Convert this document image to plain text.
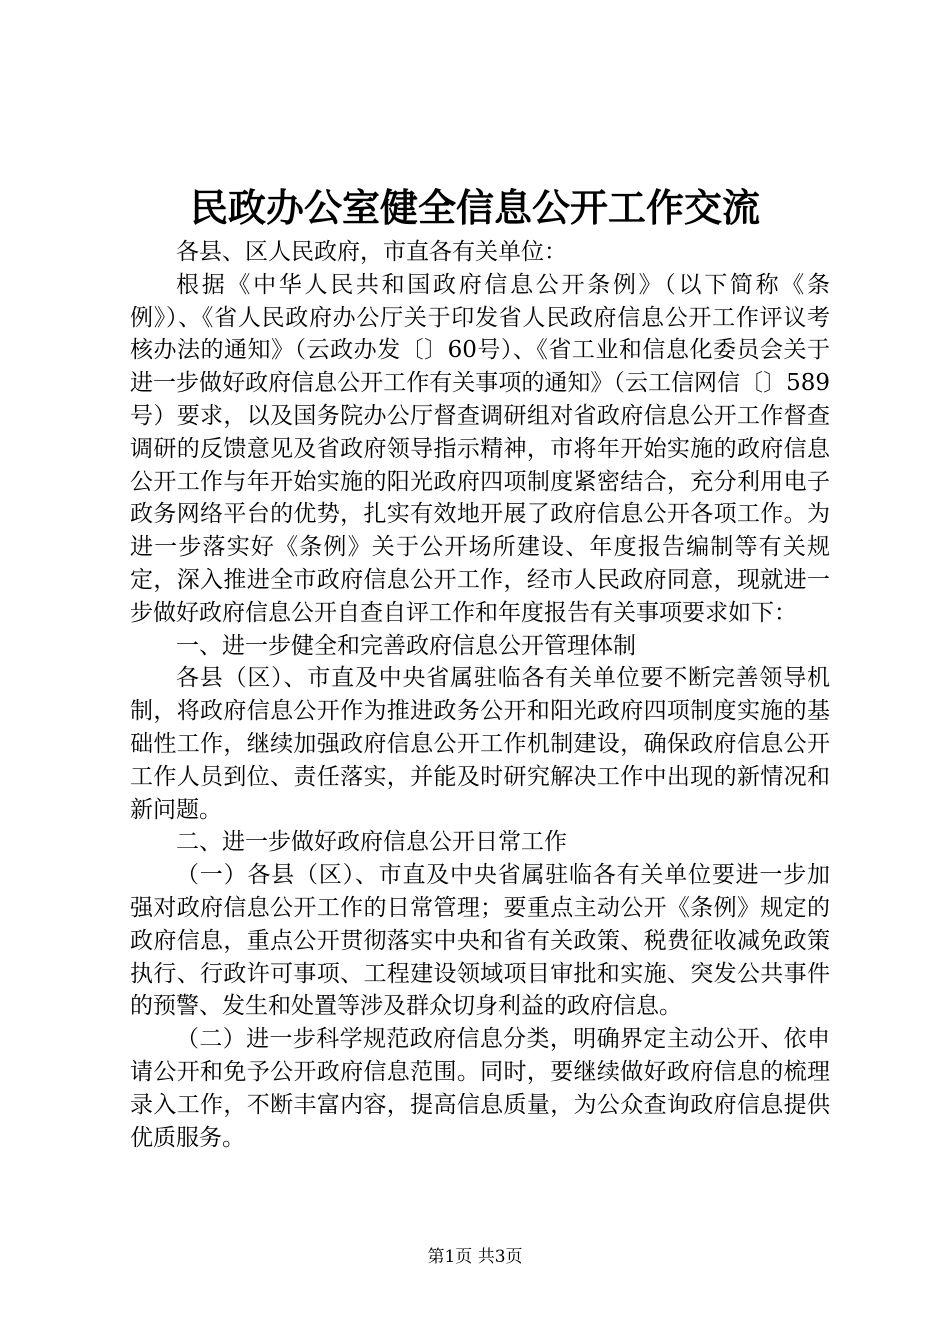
民政办公室健全信息公开工作交流

各县、区人民政府，市直各有关单位：

根据《中华人民共和国政府信息公开条例》（以下简称《条例》）、《省人民政府办公厅关于印发省人民政府信息公开工作评议考核办法的通知》（云政办发〔〕60号）、《省工业和信息化委员会关于进一步做好政府信息公开工作有关事项的通知》（云工信网信〔〕589号）要求，以及国务院办公厅督查调研组对省政府信息公开工作督查调研的反馈意见及省政府领导指示精神，市将年开始实施的政府信息公开工作与年开始实施的阳光政府四项制度紧密结合，充分利用电子政务网络平台的优势，扎实有效地开展了政府信息公开各项工作。为进一步落实好《条例》关于公开场所建设、年度报告编制等有关规定，深入推进全市政府信息公开工作，经市人民政府同意，现就进一步做好政府信息公开自查自评工作和年度报告有关事项要求如下：

一、进一步健全和完善政府信息公开管理体制

各县（区）、市直及中央省属驻临各有关单位要不断完善领导机制，将政府信息公开作为推进政务公开和阳光政府四项制度实施的基础性工作，继续加强政府信息公开工作机制建设，确保政府信息公开工作人员到位、责任落实，并能及时研究解决工作中出现的新情况和新问题。

二、进一步做好政府信息公开日常工作

（一）各县（区）、市直及中央省属驻临各有关单位要进一步加强对政府信息公开工作的日常管理；要重点主动公开《条例》规定的政府信息，重点公开贯彻落实中央和省有关政策、税费征收减免政策执行、行政许可事项、工程建设领域项目审批和实施、突发公共事件的预警、发生和处置等涉及群众切身利益的政府信息。

（二）进一步科学规范政府信息分类，明确界定主动公开、依申请公开和免予公开政府信息范围。同时，要继续做好政府信息的梳理录入工作，不断丰富内容，提高信息质量，为公众查询政府信息提供优质服务。

第1页 共3页
